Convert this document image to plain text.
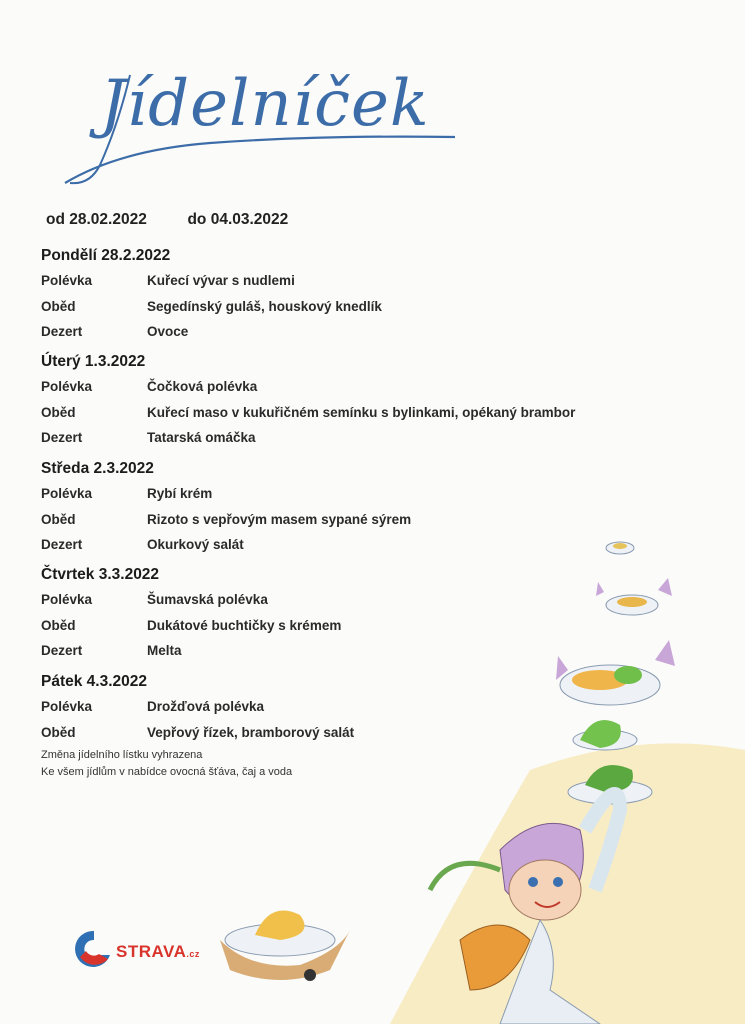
Jídelníček
od 28.02.2022	do 04.03.2022
Pondělí 28.2.2022
Polévka	Kuřecí vývar s nudlemi
Oběd	Segedínský guláš, houskový knedlík
Dezert	Ovoce
Úterý 1.3.2022
Polévka	Čočková polévka
Oběd	Kuřecí maso v kukuřičném semínku s bylinkami, opékaný brambor
Dezert	Tatarská omáčka
Středa 2.3.2022
Polévka	Rybí krém
Oběd	Rizoto s vepřovým masem sypané sýrem
Dezert	Okurkový salát
Čtvrtek 3.3.2022
Polévka	Šumavská polévka
Oběd	Dukátové buchtičky s krémem
Dezert	Melta
Pátek 4.3.2022
Polévka	Drožďová polévka
Oběd	Vepřový řízek, bramborový salát
Změna jídelního lístku vyhrazena
Ke všem jídlům v nabídce ovocná šťáva, čaj a voda
STRAVA.cz
